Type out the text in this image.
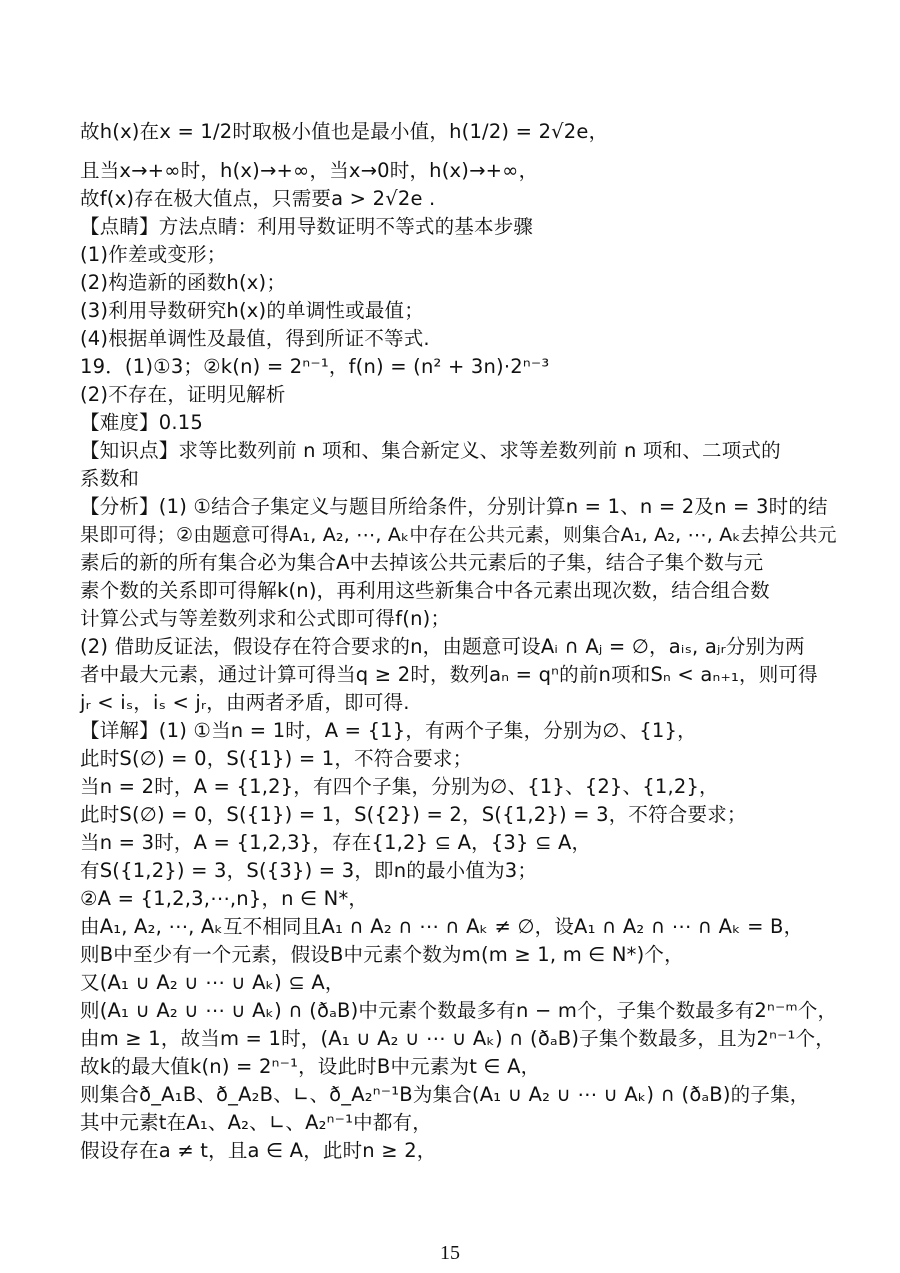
故h(x)在x = 1/2时取极小值也是最小值，h(1/2) = 2√2e，
且当x→+∞时，h(x)→+∞，当x→0时，h(x)→+∞，
故f(x)存在极大值点，只需要a > 2√2e .
【点睛】方法点睛：利用导数证明不等式的基本步骤
(1)作差或变形；
(2)构造新的函数h(x)；
(3)利用导数研究h(x)的单调性或最值；
(4)根据单调性及最值，得到所证不等式.
19．(1)①3；②k(n) = 2ⁿ⁻¹，f(n) = (n² + 3n)·2ⁿ⁻³
(2)不存在，证明见解析
【难度】0.15
【知识点】求等比数列前 n 项和、集合新定义、求等差数列前 n 项和、二项式的
系数和
【分析】(1) ①结合子集定义与题目所给条件，分别计算n = 1、n = 2及n = 3时的结
果即可得；②由题意可得A₁, A₂, ⋯, Aₖ中存在公共元素，则集合A₁, A₂, ⋯, Aₖ去掉公共元
素后的新的所有集合必为集合A中去掉该公共元素后的子集，结合子集个数与元
素个数的关系即可得解k(n)，再利用这些新集合中各元素出现次数，结合组合数
计算公式与等差数列求和公式即可得f(n)；
(2) 借助反证法，假设存在符合要求的n，由题意可设Aᵢ ∩ Aⱼ = ∅，aᵢₛ, aⱼᵣ分别为两
者中最大元素，通过计算可得当q ≥ 2时，数列aₙ = qⁿ的前n项和Sₙ < aₙ₊₁，则可得
jᵣ < iₛ，iₛ < jᵣ，由两者矛盾，即可得.
【详解】(1) ①当n = 1时，A = {1}，有两个子集，分别为∅、{1}，
此时S(∅) = 0，S({1}) = 1，不符合要求；
当n = 2时，A = {1,2}，有四个子集，分别为∅、{1}、{2}、{1,2}，
此时S(∅) = 0，S({1}) = 1，S({2}) = 2，S({1,2}) = 3，不符合要求；
当n = 3时，A = {1,2,3}，存在{1,2} ⊆ A，{3} ⊆ A，
有S({1,2}) = 3，S({3}) = 3，即n的最小值为3；
②A = {1,2,3,⋯,n}，n ∈ N*，
由A₁, A₂, ⋯, Aₖ互不相同且A₁ ∩ A₂ ∩ ⋯ ∩ Aₖ ≠ ∅，设A₁ ∩ A₂ ∩ ⋯ ∩ Aₖ = B，
则B中至少有一个元素，假设B中元素个数为m(m ≥ 1, m ∈ N*)个，
又(A₁ ∪ A₂ ∪ ⋯ ∪ Aₖ) ⊆ A，
则(A₁ ∪ A₂ ∪ ⋯ ∪ Aₖ) ∩ (ðₐB)中元素个数最多有n − m个，子集个数最多有2ⁿ⁻ᵐ个，
由m ≥ 1，故当m = 1时，(A₁ ∪ A₂ ∪ ⋯ ∪ Aₖ) ∩ (ðₐB)子集个数最多，且为2ⁿ⁻¹个，
故k的最大值k(n) = 2ⁿ⁻¹，设此时B中元素为t ∈ A，
则集合ð_A₁B、ð_A₂B、∟、ð_A₂ⁿ⁻¹B为集合(A₁ ∪ A₂ ∪ ⋯ ∪ Aₖ) ∩ (ðₐB)的子集，
其中元素t在A₁、A₂、∟、A₂ⁿ⁻¹中都有，
假设存在a ≠ t，且a ∈ A，此时n ≥ 2，
15
